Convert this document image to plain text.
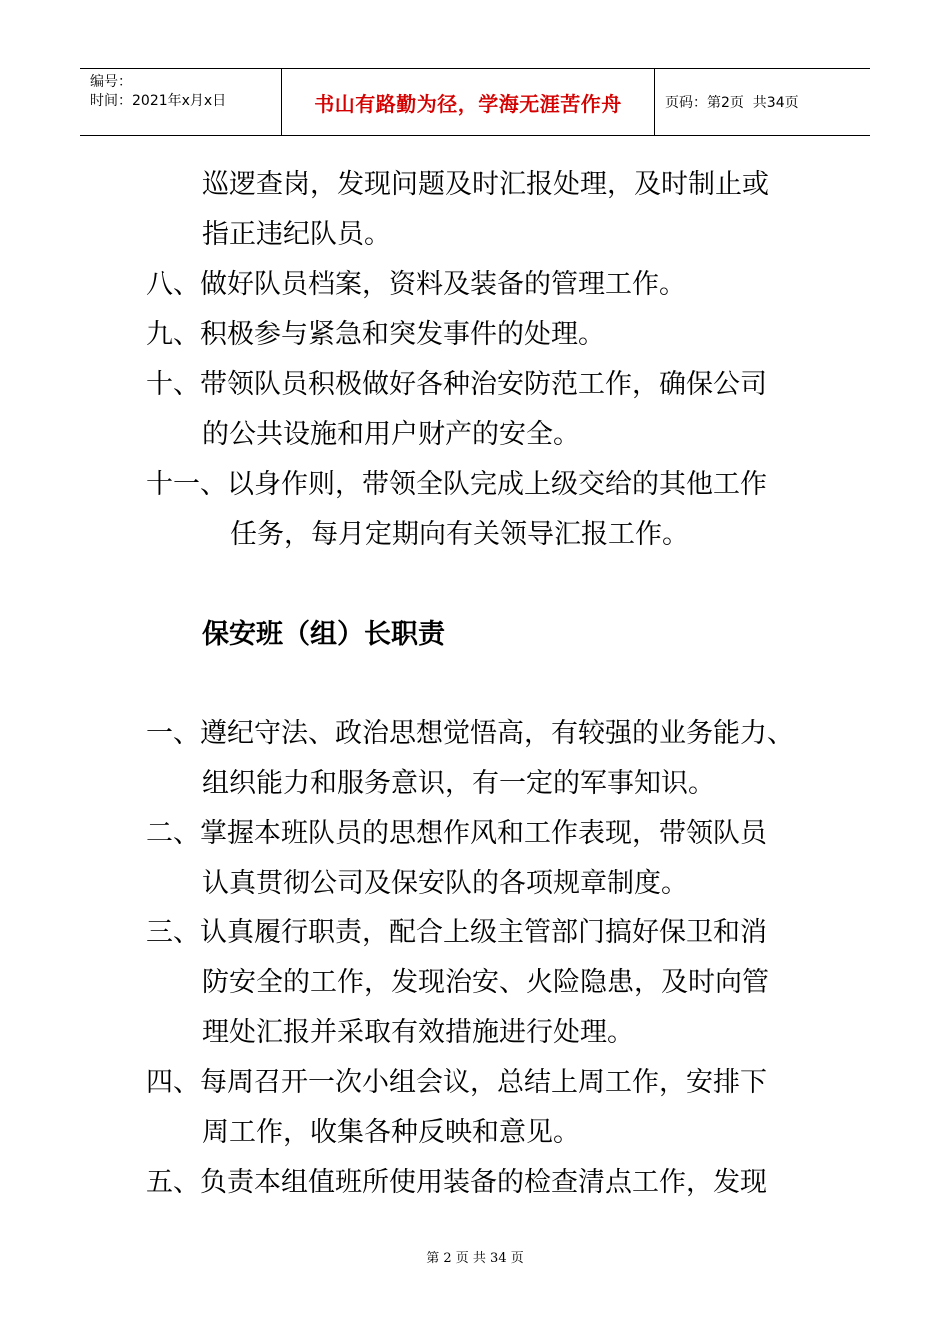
编号：
时间：2021年x月x日	书山有路勤为径，学海无涯苦作舟	页码：第2页  共34页
巡逻查岗，发现问题及时汇报处理，及时制止或
指正违纪队员。
八、做好队员档案，资料及装备的管理工作。
九、积极参与紧急和突发事件的处理。
十、带领队员积极做好各种治安防范工作，确保公司
的公共设施和用户财产的安全。
十一、以身作则，带领全队完成上级交给的其他工作
任务，每月定期向有关领导汇报工作。
保安班（组）长职责
一、遵纪守法、政治思想觉悟高，有较强的业务能力、
组织能力和服务意识，有一定的军事知识。
二、掌握本班队员的思想作风和工作表现，带领队员
认真贯彻公司及保安队的各项规章制度。
三、认真履行职责，配合上级主管部门搞好保卫和消
防安全的工作，发现治安、火险隐患，及时向管
理处汇报并采取有效措施进行处理。
四、每周召开一次小组会议，总结上周工作，安排下
周工作，收集各种反映和意见。
五、负责本组值班所使用装备的检查清点工作，发现
第 2 页 共 34 页
